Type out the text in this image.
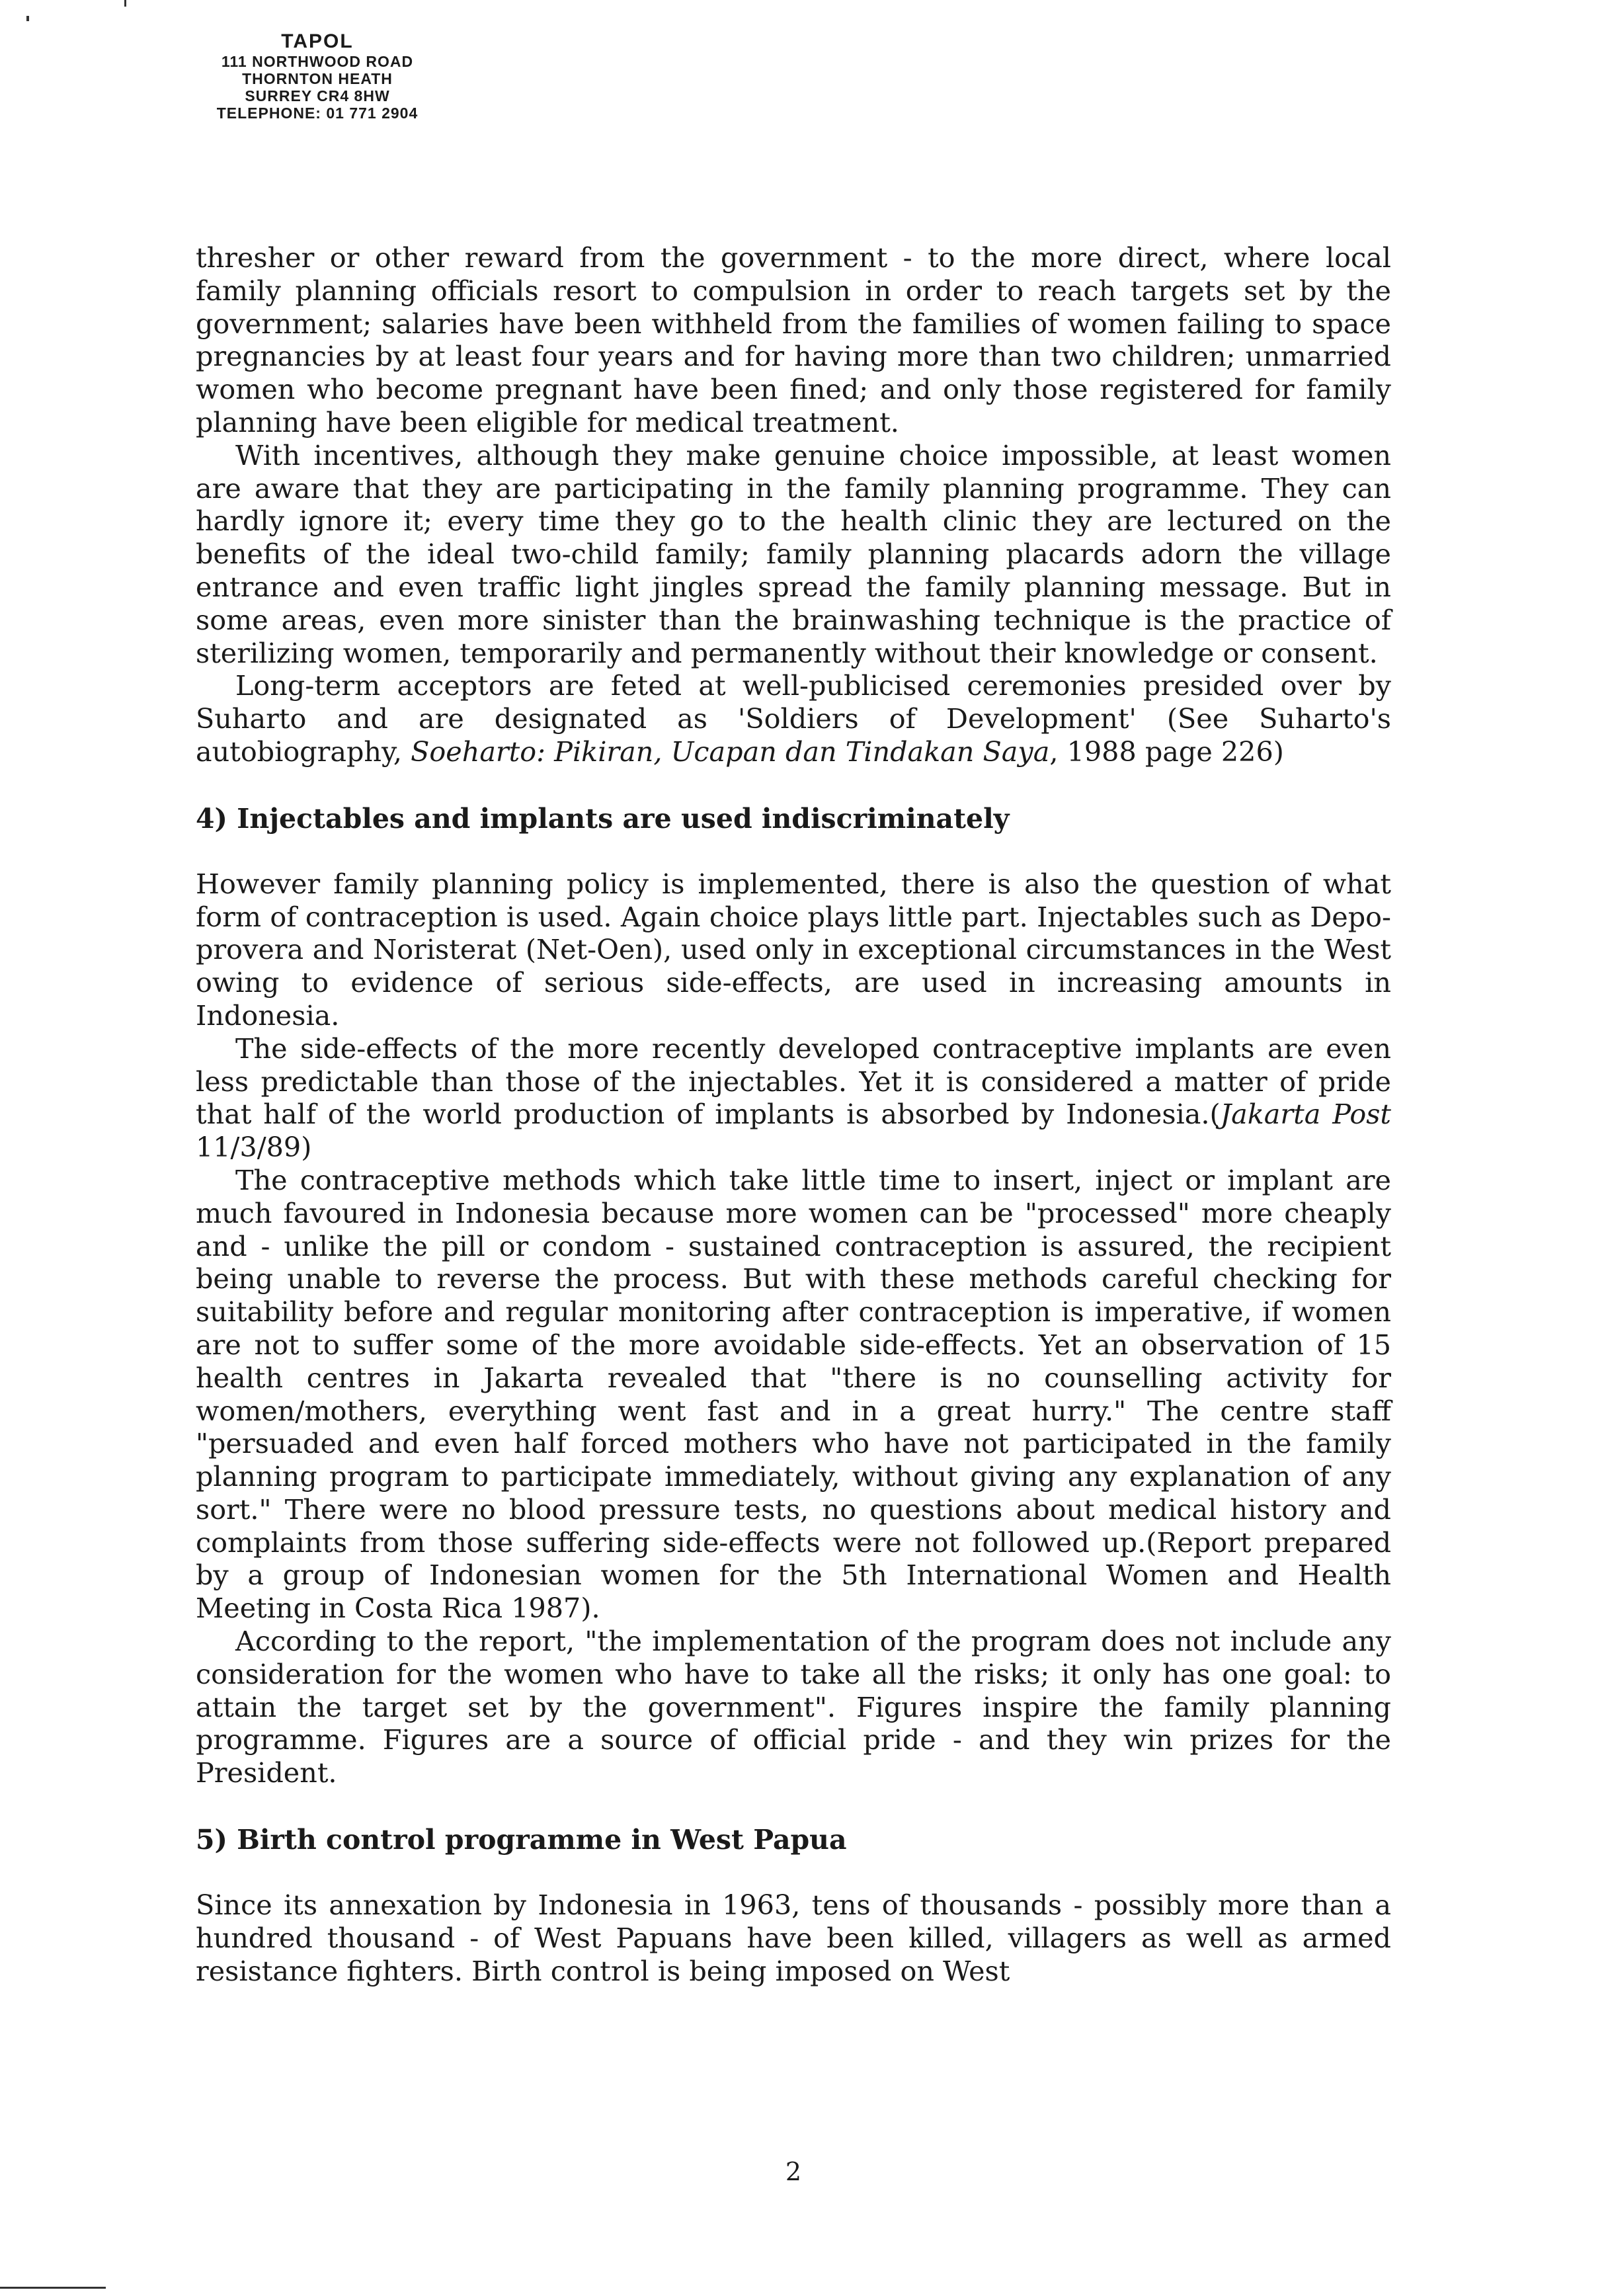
TAPOL
111 NORTHWOOD ROAD
THORNTON HEATH
SURREY CR4 8HW
TELEPHONE: 01 771 2904

thresher or other reward from the government - to the more direct, where local family planning officials resort to compulsion in order to reach targets set by the government; salaries have been withheld from the families of women failing to space pregnancies by at least four years and for having more than two children; unmarried women who become pregnant have been fined; and only those registered for family planning have been eligible for medical treatment.

With incentives, although they make genuine choice impossible, at least women are aware that they are participating in the family planning programme. They can hardly ignore it; every time they go to the health clinic they are lectured on the benefits of the ideal two-child family; family planning placards adorn the village entrance and even traffic light jingles spread the family planning message. But in some areas, even more sinister than the brainwashing technique is the practice of sterilizing women, temporarily and permanently without their knowledge or consent.

Long-term acceptors are feted at well-publicised ceremonies presided over by Suharto and are designated as 'Soldiers of Development' (See Suharto's autobiography, Soeharto: Pikiran, Ucapan dan Tindakan Saya, 1988 page 226)

4) Injectables and implants are used indiscriminately

However family planning policy is implemented, there is also the question of what form of contraception is used. Again choice plays little part. Injectables such as Depo-provera and Noristerat (Net-Oen), used only in exceptional circumstances in the West owing to evidence of serious side-effects, are used in increasing amounts in Indonesia.

The side-effects of the more recently developed contraceptive implants are even less predictable than those of the injectables. Yet it is considered a matter of pride that half of the world production of implants is absorbed by Indonesia.(Jakarta Post 11/3/89)

The contraceptive methods which take little time to insert, inject or implant are much favoured in Indonesia because more women can be "processed" more cheaply and - unlike the pill or condom - sustained contraception is assured, the recipient being unable to reverse the process. But with these methods careful checking for suitability before and regular monitoring after contraception is imperative, if women are not to suffer some of the more avoidable side-effects. Yet an observation of 15 health centres in Jakarta revealed that "there is no counselling activity for women/mothers, everything went fast and in a great hurry." The centre staff "persuaded and even half forced mothers who have not participated in the family planning program to participate immediately, without giving any explanation of any sort." There were no blood pressure tests, no questions about medical history and complaints from those suffering side-effects were not followed up.(Report prepared by a group of Indonesian women for the 5th International Women and Health Meeting in Costa Rica 1987).

According to the report, "the implementation of the program does not include any consideration for the women who have to take all the risks; it only has one goal: to attain the target set by the government". Figures inspire the family planning programme. Figures are a source of official pride - and they win prizes for the President.

5) Birth control programme in West Papua

Since its annexation by Indonesia in 1963, tens of thousands - possibly more than a hundred thousand - of West Papuans have been killed, villagers as well as armed resistance fighters. Birth control is being imposed on West

2
